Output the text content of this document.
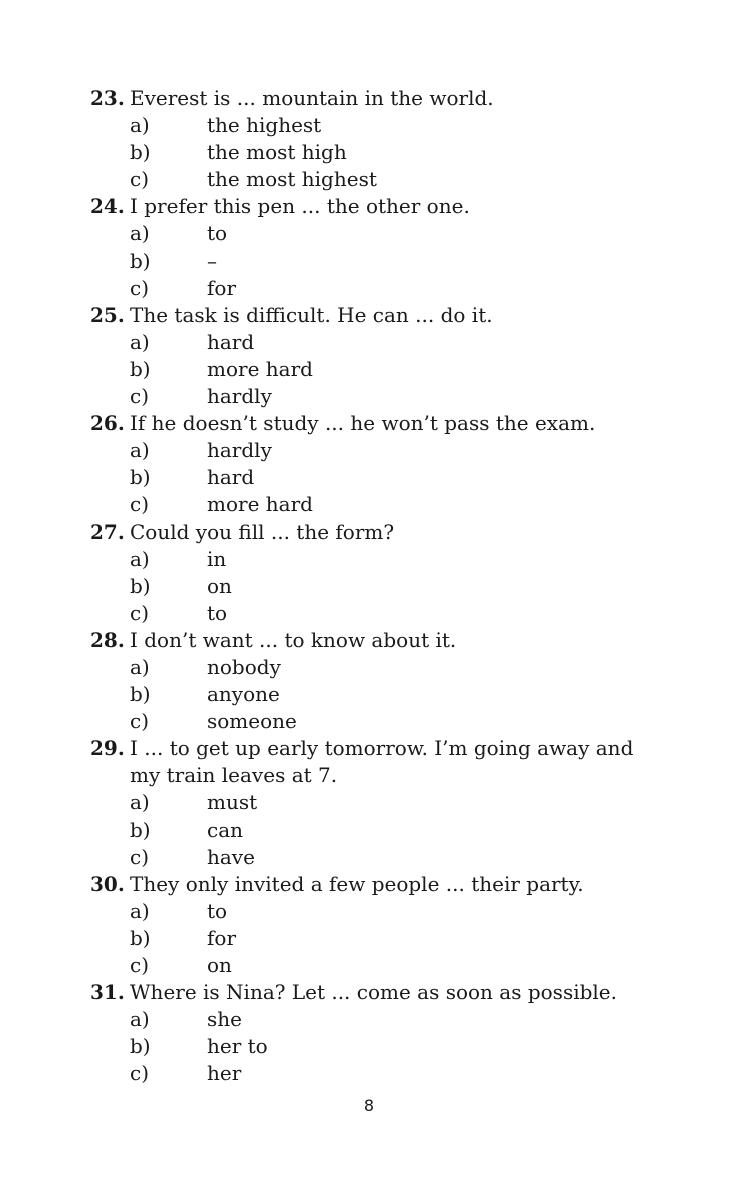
23. Everest is ... mountain in the world.
a)	the highest
b)	the most high
c)	the most highest
24. I prefer this pen ... the other one.
a)	to
b)	–
c)	for
25. The task is difficult. He can ... do it.
a)	hard
b)	more hard
c)	hardly
26. If he doesn’t study ... he won’t pass the exam.
a)	hardly
b)	hard
c)	more hard
27. Could you fill ... the form?
a)	in
b)	on
c)	to
28. I don’t want ... to know about it.
a)	nobody
b)	anyone
c)	someone
29. I ... to get up early tomorrow. I’m going away and
my train leaves at 7.
a)	must
b)	can
c)	have
30. They only invited a few people ... their party.
a)	to
b)	for
c)	on
31. Where is Nina? Let ... come as soon as possible.
a)	she
b)	her to
c)	her
8
